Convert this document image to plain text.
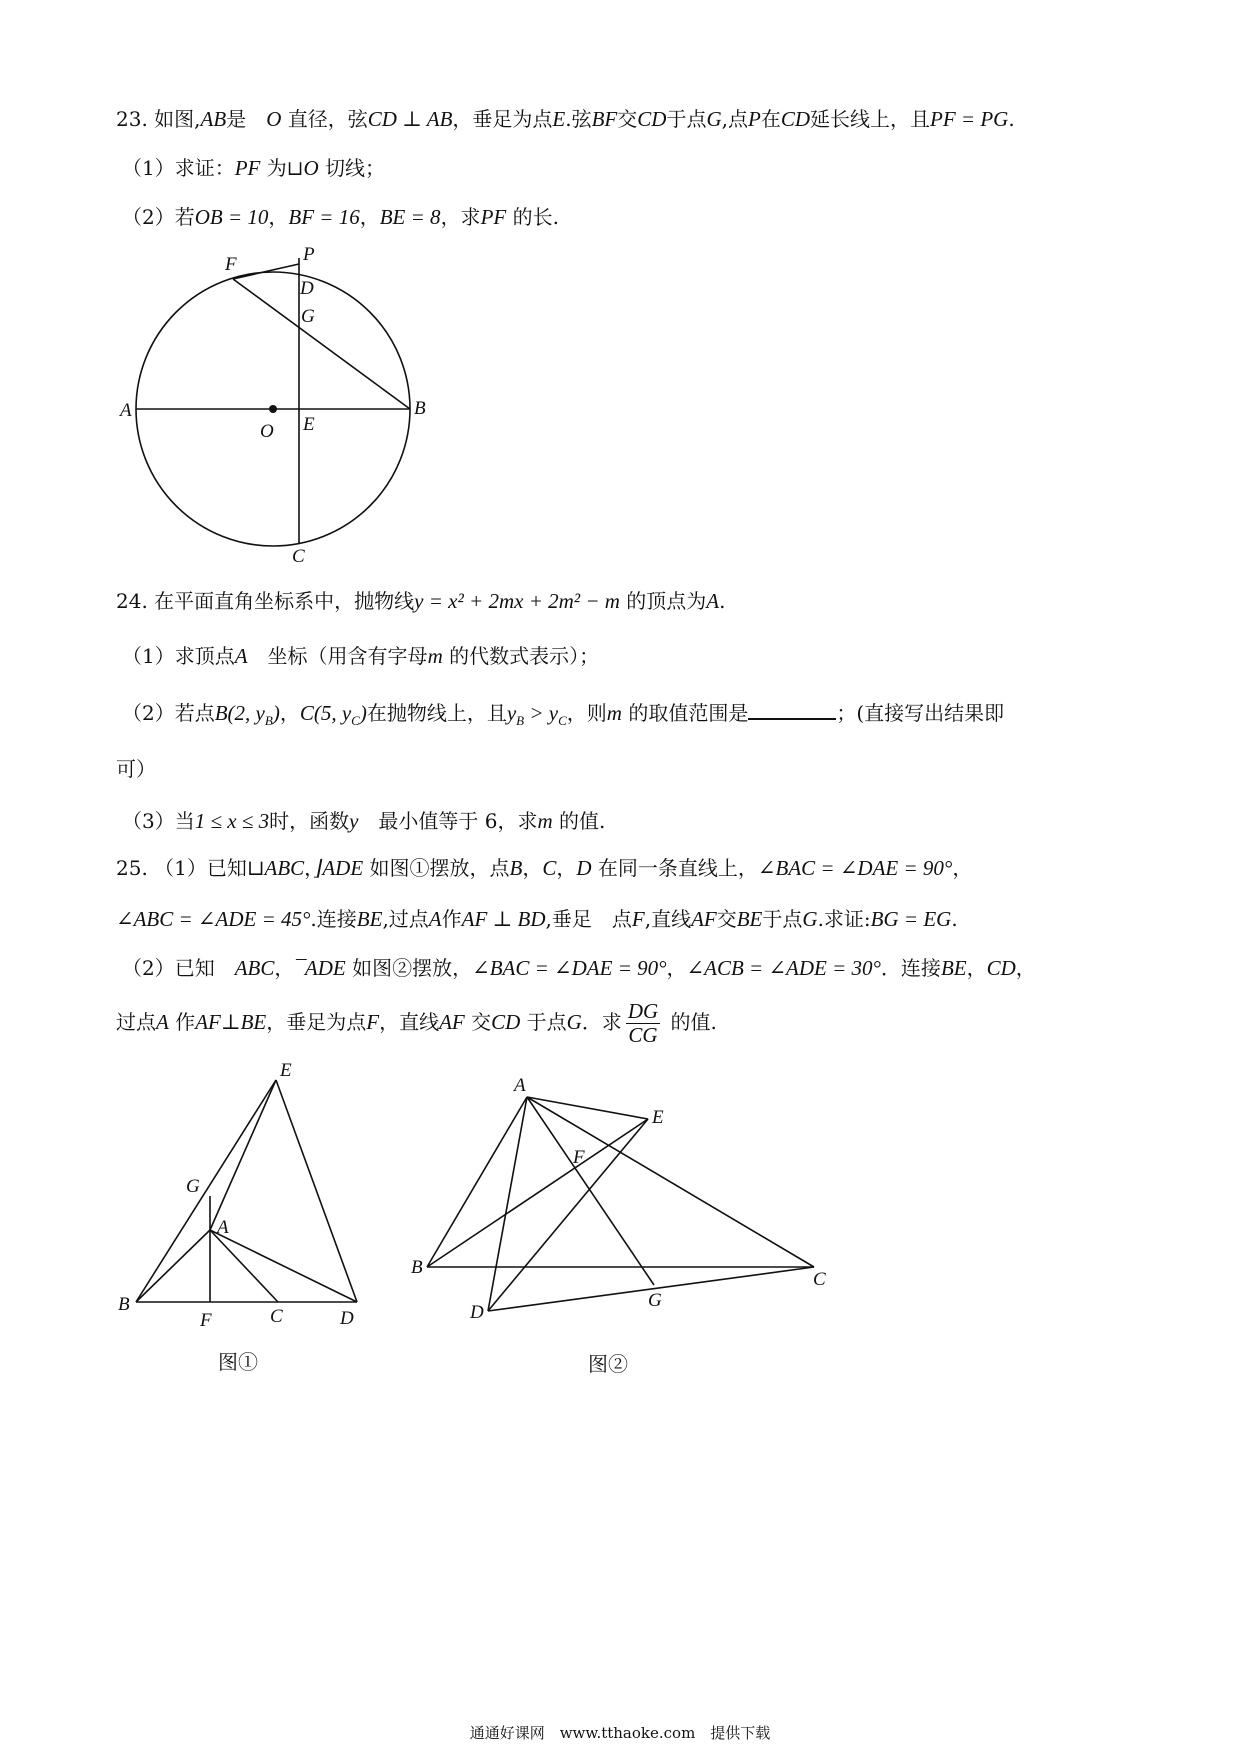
23. 如图,AB是　O 直径，弦CD ⊥ AB，垂足为点E.弦BF交CD于点G,点P在CD延长线上，且PF = PG.
（1）求证：PF 为⊔O 切线；
（2）若OB = 10，BF = 16，BE = 8，求PF 的长.
F	P
D
G
A
O E
B
C
24. 在平面直角坐标系中，抛物线y = x² + 2mx + 2m² − m 的顶点为A.
（1）求顶点A　坐标（用含有字母m 的代数式表示）；
（2）若点B(2, $y_B$)，C(5, $y_C$)在抛物线上，且$y_B > y_C$，则m 的取值范围是	；(直接写出结果即
可）
（3）当1 ≤ x ≤ 3时，函数y　最小值等于 6，求m 的值.
25. （1）已知⊔ABC，⌋ADE 如图①摆放，点B，C，D 在同一条直线上，∠BAC = ∠DAE = 90°，
∠ABC = ∠ADE = 45°.连接BE,过点A作AF ⊥ BD,垂足　点F,直线AF交BE于点G.求证:BG = EG.
（2）已知　ABC，¯ADE 如图②摆放，∠BAC = ∠DAE = 90°，∠ACB = ∠ADE = 30°．连接BE，CD，
过点A 作AF⊥BE，垂足为点F，直线AF 交CD 于点G．求 $\frac{DG}{CG}$ 的值.
E
G
A
B
F	C	D
图①
A
E
F
B
C
D
G
图②
通通好课网　www.tthaoke.com　提供下载
